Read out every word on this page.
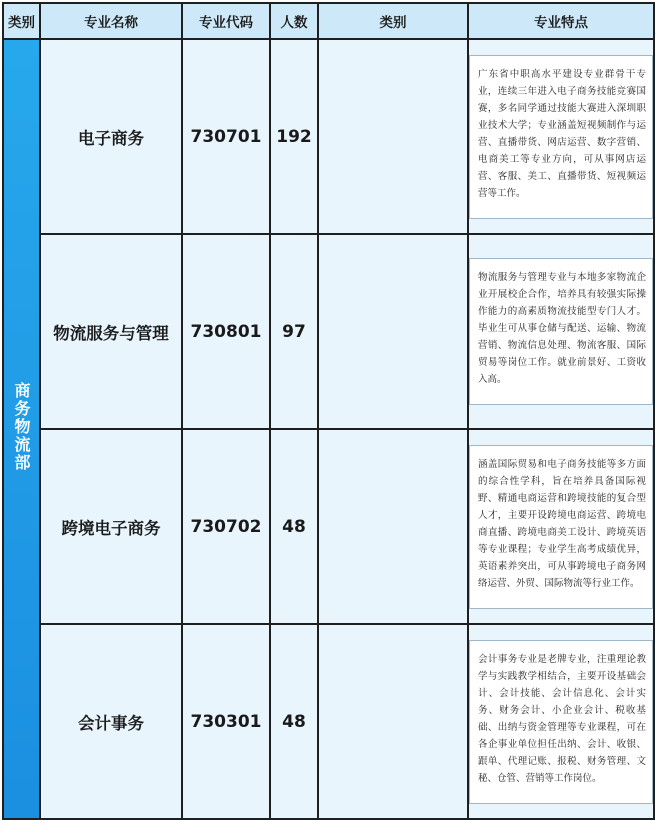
类别	专业名称	专业代码	人数	类别	专业特点
商务物流部	电子商务	730701	192		广东省中职高水平建设专业群骨干专业，连续三年进入电子商务技能竞赛国赛，多名同学通过技能大赛进入深圳职业技术大学；专业涵盖短视频制作与运营、直播带货、网店运营、数字营销、电商美工等专业方向，可从事网店运营、客服、美工、直播带货、短视频运营等工作。

	物流服务与管理	730801	97		物流服务与管理专业与本地多家物流企业开展校企合作，培养具有较强实际操作能力的高素质物流技能型专门人才。毕业生可从事仓储与配送、运输、物流营销、物流信息处理、物流客服、国际贸易等岗位工作。就业前景好、工资收入高。

	跨境电子商务	730702	48		涵盖国际贸易和电子商务技能等多方面的综合性学科，旨在培养具备国际视野、精通电商运营和跨境技能的复合型人才，主要开设跨境电商运营、跨境电商直播、跨境电商美工设计、跨境英语等专业课程；专业学生高考成绩优异，英语素养突出，可从事跨境电子商务网络运营、外贸、国际物流等行业工作。

	会计事务	730301	48		会计事务专业是老牌专业，注重理论教学与实践教学相结合，主要开设基础会计、会计技能、会计信息化、会计实务、财务会计、小企业会计、税收基础、出纳与资金管理等专业课程，可在各企事业单位担任出纳、会计、收银、跟单、代理记账、报税、财务管理、文秘、仓管、营销等工作岗位。
